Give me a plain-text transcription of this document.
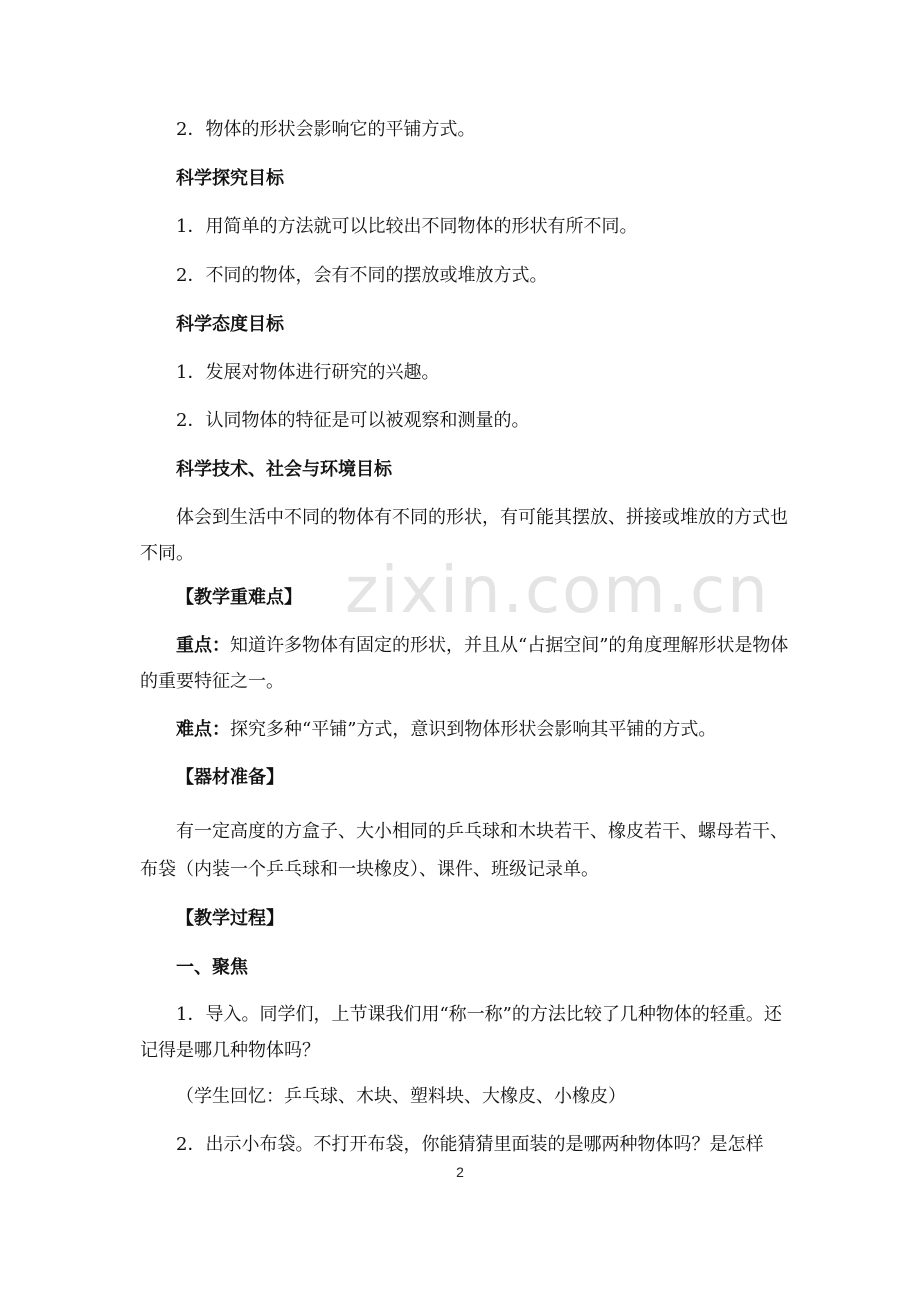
zixin.com.cn
2．物体的形状会影响它的平铺方式。
科学探究目标
1．用简单的方法就可以比较出不同物体的形状有所不同。
2．不同的物体，会有不同的摆放或堆放方式。
科学态度目标
1．发展对物体进行研究的兴趣。
2．认同物体的特征是可以被观察和测量的。
科学技术、社会与环境目标
体会到生活中不同的物体有不同的形状，有可能其摆放、拼接或堆放的方式也不同。
【教学重难点】
重点：知道许多物体有固定的形状，并且从“占据空间”的角度理解形状是物体的重要特征之一。
难点：探究多种“平铺”方式，意识到物体形状会影响其平铺的方式。
【器材准备】
有一定高度的方盒子、大小相同的乒乓球和木块若干、橡皮若干、螺母若干、布袋（内装一个乒乓球和一块橡皮）、课件、班级记录单。
【教学过程】
一、聚焦
1．导入。同学们，上节课我们用“称一称”的方法比较了几种物体的轻重。还记得是哪几种物体吗？
（学生回忆：乒乓球、木块、塑料块、大橡皮、小橡皮）
2．出示小布袋。不打开布袋，你能猜猜里面装的是哪两种物体吗？是怎样
2
